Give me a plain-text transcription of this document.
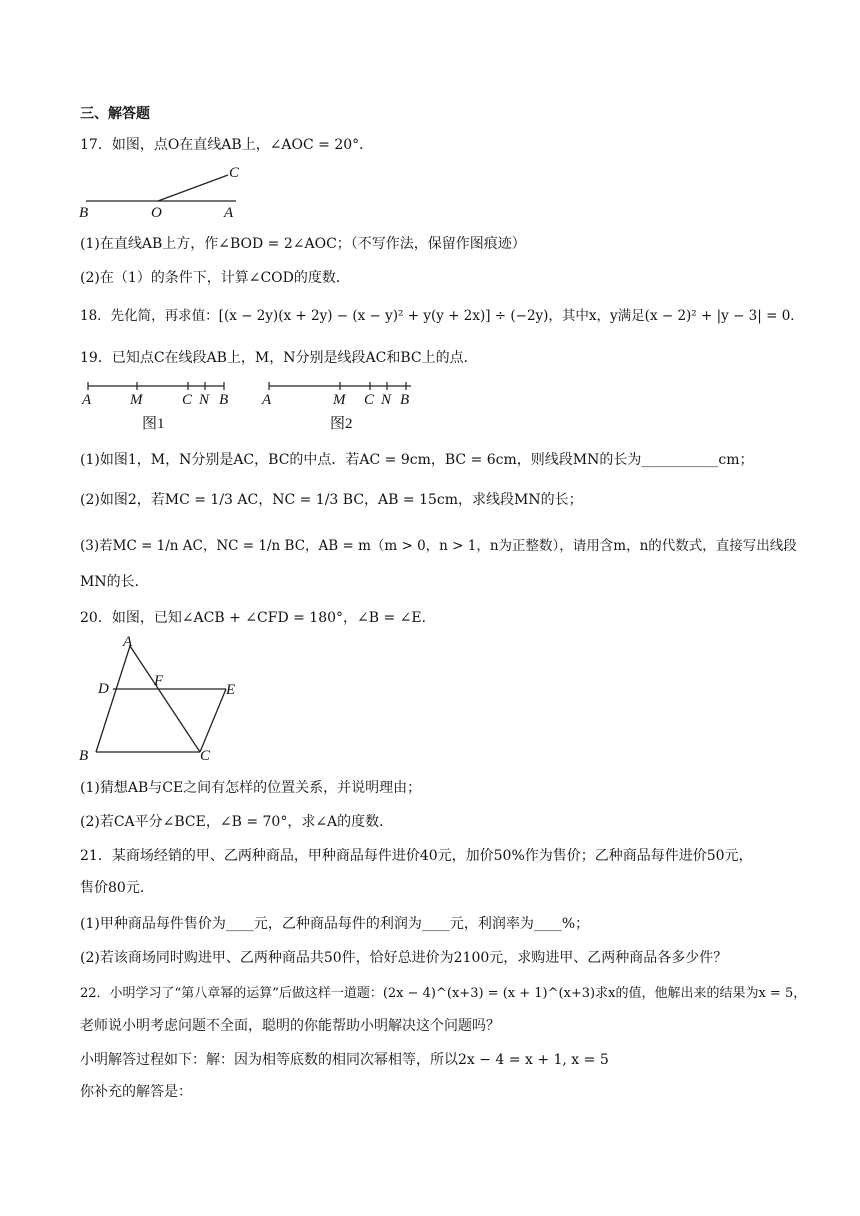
三、解答题
17．如图，点O在直线AB上，∠AOC = 20°．
B	O	A
C
(1)在直线AB上方，作∠BOD = 2∠AOC；（不写作法，保留作图痕迹）
(2)在（1）的条件下，计算∠COD的度数．
18．先化简，再求值：[(x − 2y)(x + 2y) − (x − y)² + y(y + 2x)] ÷ (−2y)，其中x，y满足(x − 2)² + |y − 3| = 0．
19．已知点C在线段AB上，M，N分别是线段AC和BC上的点．
A	M	C N B
图1
A	M C N B
图2
(1)如图1，M，N分别是AC，BC的中点．若AC = 9cm，BC = 6cm，则线段MN的长为___________cm；
(2)如图2，若MC = 1/3 AC，NC = 1/3 BC，AB = 15cm，求线段MN的长；
(3)若MC = 1/n AC，NC = 1/n BC，AB = m（m > 0，n > 1，n为正整数），请用含m，n的代数式，直接写出线段
MN的长．
20．如图，已知∠ACB + ∠CFD = 180°，∠B = ∠E．
A
D	F
E
B	C
(1)猜想AB与CE之间有怎样的位置关系，并说明理由；
(2)若CA平分∠BCE，∠B = 70°，求∠A的度数．
21．某商场经销的甲、乙两种商品，甲种商品每件进价40元，加价50%作为售价；乙种商品每件进价50元，
售价80元．
(1)甲种商品每件售价为____元，乙种商品每件的利润为____元，利润率为____%；
(2)若该商场同时购进甲、乙两种商品共50件，恰好总进价为2100元，求购进甲、乙两种商品各多少件？
22．小明学习了“第八章幂的运算”后做这样一道题：(2x − 4)^(x+3) = (x + 1)^(x+3)求x的值，他解出来的结果为x = 5，
老师说小明考虑问题不全面，聪明的你能帮助小明解决这个问题吗？
小明解答过程如下：解：因为相等底数的相同次幂相等，所以2x − 4 = x + 1, x = 5
你补充的解答是：
